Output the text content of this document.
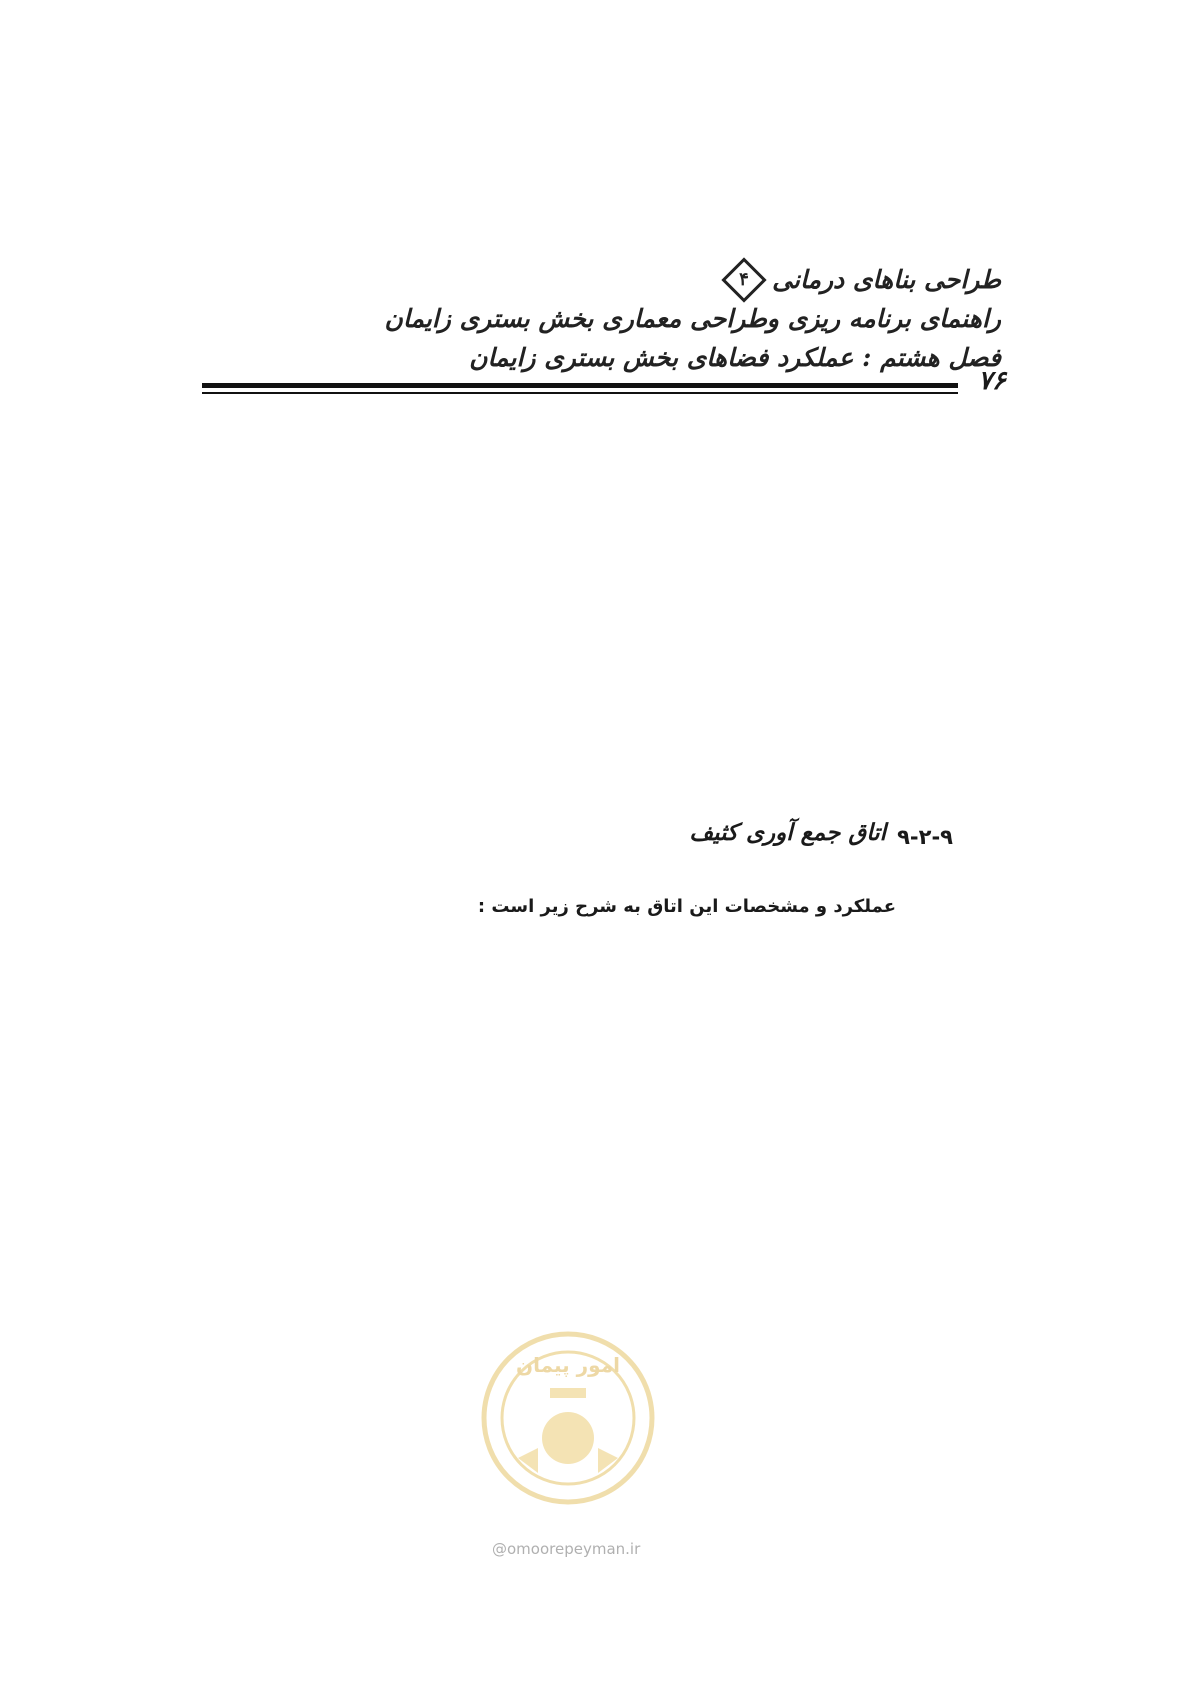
طراحی بناهای درمانی
۴
راهنمای برنامه ریزی وطراحی معماری بخش بستری زایمان
فصل هشتم : عملکرد فضاهای بخش بستری زایمان
۷۶
۹-۲-۹
اتاق جمع آوری کثیف
عملکرد و مشخصات این اتاق به شرح زیر است :
امور پیمان
@omoorepeyman.ir
